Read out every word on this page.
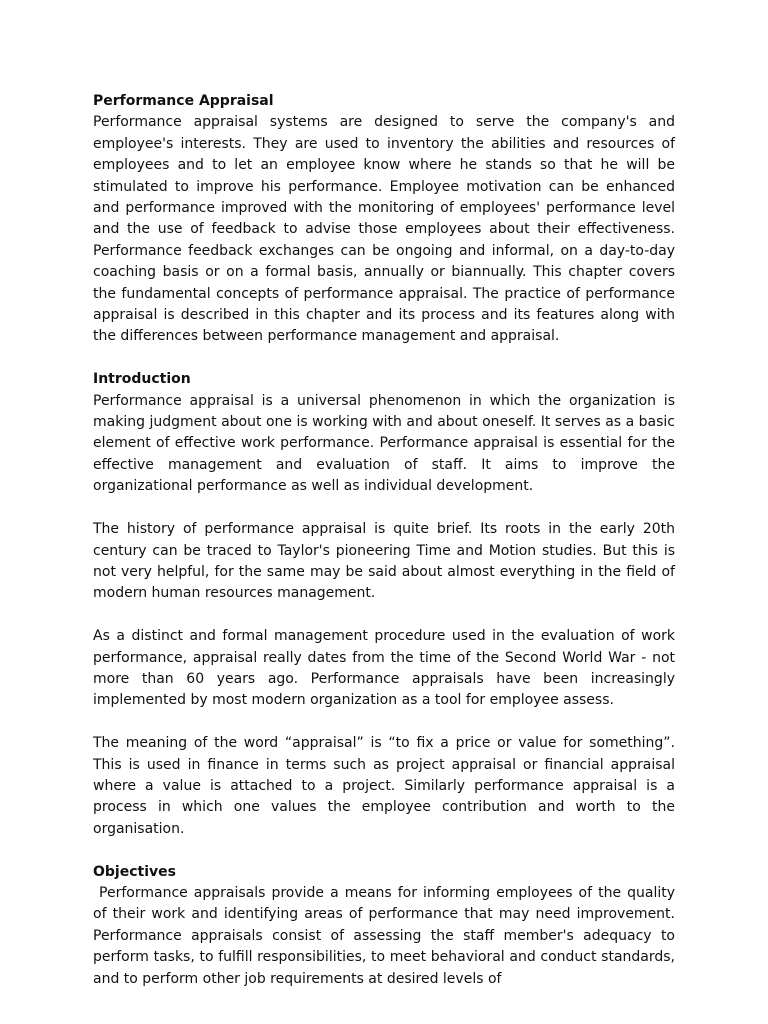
Performance Appraisal
Performance appraisal systems are designed to serve the company's and employee's interests. They are used to inventory the abilities and resources of employees and to let an employee know where he stands so that he will be stimulated to improve his performance. Employee motivation can be enhanced and performance improved with the monitoring of employees' performance level and the use of feedback to advise those employees about their effectiveness. Performance feedback exchanges can be ongoing and informal, on a day-to-day coaching basis or on a formal basis, annually or biannually. This chapter covers the fundamental concepts of performance appraisal. The practice of performance appraisal is described in this chapter and its process and its features along with the differences between performance management and appraisal.
Introduction
Performance appraisal is a universal phenomenon in which the organization is making judgment about one is working with and about oneself. It serves as a basic element of effective work performance. Performance appraisal is essential for the effective management and evaluation of staff. It aims to improve the organizational performance as well as individual development.
The history of performance appraisal is quite brief. Its roots in the early 20th century can be traced to Taylor's pioneering Time and Motion studies. But this is not very helpful, for the same may be said about almost everything in the field of modern human resources management.
As a distinct and formal management procedure used in the evaluation of work performance, appraisal really dates from the time of the Second World War - not more than 60 years ago. Performance appraisals have been increasingly implemented by most modern organization as a tool for employee assess.
The meaning of the word “appraisal” is “to fix a price or value for something”. This is used in finance in terms such as project appraisal or financial appraisal where a value is attached to a project. Similarly performance appraisal is a process in which one values the employee contribution and worth to the organisation.
Objectives
Performance appraisals provide a means for informing employees of the quality of their work and identifying areas of performance that may need improvement. Performance appraisals consist of assessing the staff member's adequacy to perform tasks, to fulfill responsibilities, to meet behavioral and conduct standards, and to perform other job requirements at desired levels of
